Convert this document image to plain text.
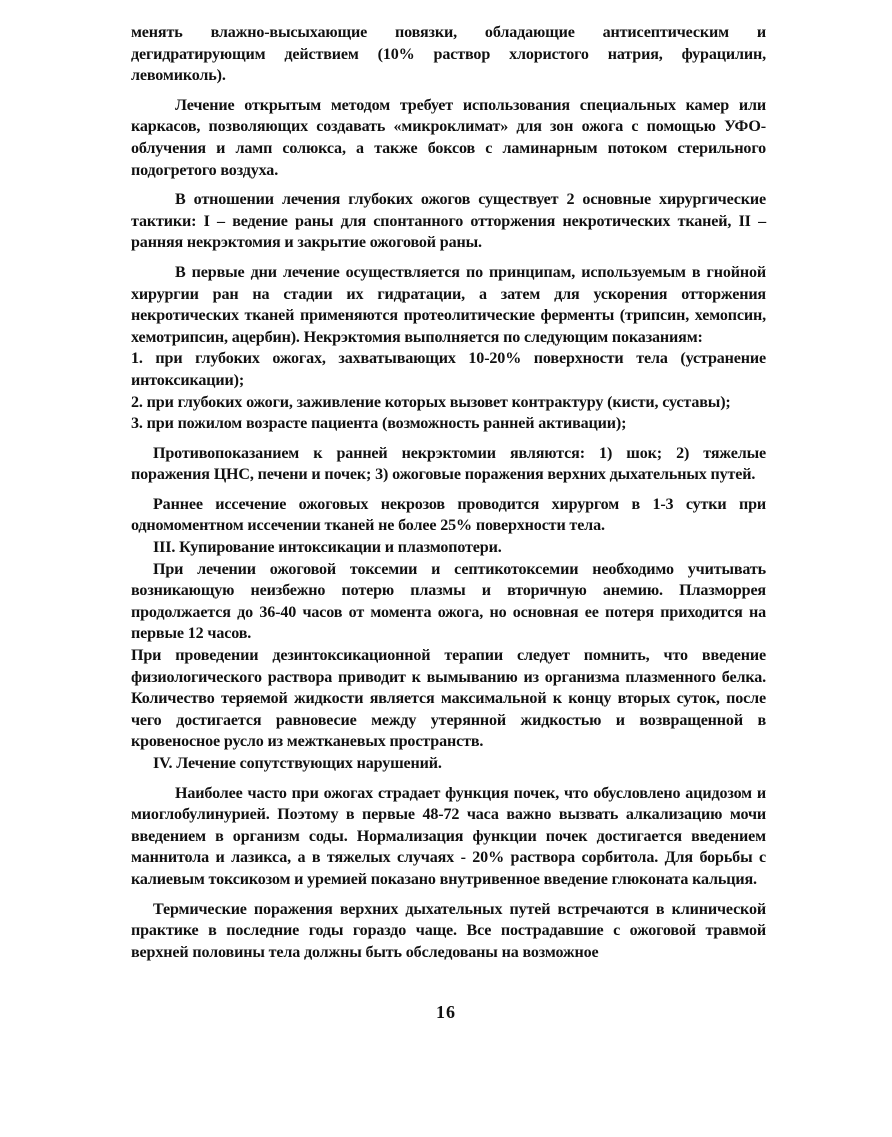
менять влажно-высыхающие повязки, обладающие антисептическим и дегидратирующим действием (10% раствор хлористого натрия, фурацилин, левомиколь).

Лечение открытым методом требует использования специальных камер или каркасов, позволяющих создавать «микроклимат» для зон ожога с помощью УФО-облучения и ламп солюкса, а также боксов с ламинарным потоком стерильного подогретого воздуха.

В отношении лечения глубоких ожогов существует 2 основные хирургические тактики: I – ведение раны для спонтанного отторжения некротических тканей, II – ранняя некрэктомия и закрытие ожоговой раны.

В первые дни лечение осуществляется по принципам, используемым в гнойной хирургии ран на стадии их гидратации, а затем для ускорения отторжения некротических тканей применяются протеолитические ферменты (трипсин, хемопсин, хемотрипсин, ацербин). Некрэктомия выполняется по следующим показаниям:

1. при глубоких ожогах, захватывающих 10-20% поверхности тела (устранение интоксикации);

2. при глубоких ожоги, заживление которых вызовет контрактуру (кисти, суставы);

3. при пожилом возрасте пациента (возможность ранней активации);

Противопоказанием к ранней некрэктомии являются: 1) шок; 2) тяжелые поражения ЦНС, печени и почек; 3) ожоговые поражения верхних дыхательных путей.

Раннее иссечение ожоговых некрозов проводится хирургом в 1-3 сутки при одномоментном иссечении тканей не более 25% поверхности тела.

III. Купирование интоксикации и плазмопотери.

При лечении ожоговой токсемии и септикотоксемии необходимо учитывать возникающую неизбежно потерю плазмы и вторичную анемию. Плазморрея продолжается до 36-40 часов от момента ожога, но основная ее потеря приходится на первые 12 часов.

При проведении дезинтоксикационной терапии следует помнить, что введение физиологического раствора приводит к вымыванию из организма плазменного белка. Количество теряемой жидкости является максимальной к концу вторых суток, после чего достигается равновесие между утерянной жидкостью и возвращенной в кровеносное русло из межтканевых пространств.

IV. Лечение сопутствующих нарушений.

Наиболее часто при ожогах страдает функция почек, что обусловлено ацидозом и миоглобулинурией. Поэтому в первые 48-72 часа важно вызвать алкализацию мочи введением в организм соды. Нормализация функции почек достигается введением маннитола и лазикса, а в тяжелых случаях - 20% раствора сорбитола. Для борьбы с калиевым токсикозом и уремией показано внутривенное введение глюконата кальция.

Термические поражения верхних дыхательных путей встречаются в клинической практике в последние годы гораздо чаще. Все пострадавшие с ожоговой травмой верхней половины тела должны быть обследованы на возможное

16
